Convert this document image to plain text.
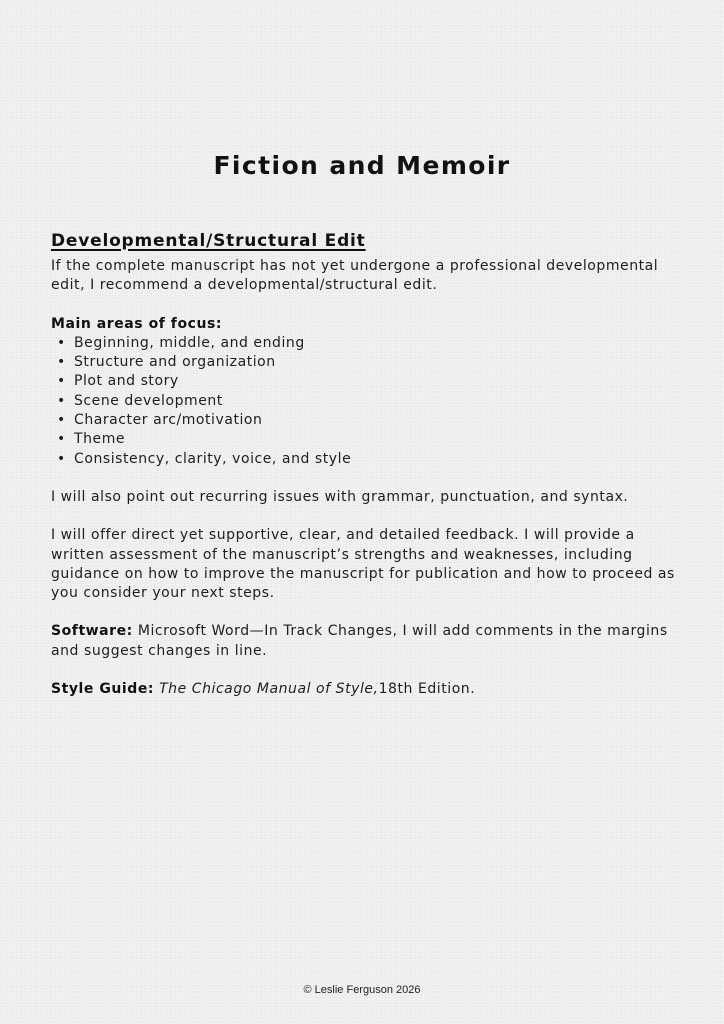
Fiction and Memoir
Developmental/Structural Edit

If the complete manuscript has not yet undergone a professional developmental edit, I recommend a developmental/structural edit.

Main areas of focus:

• Beginning, middle, and ending
• Structure and organization
• Plot and story
• Scene development
• Character arc/motivation
• Theme
• Consistency, clarity, voice, and style

I will also point out recurring issues with grammar, punctuation, and syntax.

I will offer direct yet supportive, clear, and detailed feedback. I will provide a written assessment of the manuscript’s strengths and weaknesses, including guidance on how to improve the manuscript for publication and how to proceed as you consider your next steps.

Software: Microsoft Word—In Track Changes, I will add comments in the margins and suggest changes in line.

Style Guide: The Chicago Manual of Style,18th Edition.

© Leslie Ferguson 2026
